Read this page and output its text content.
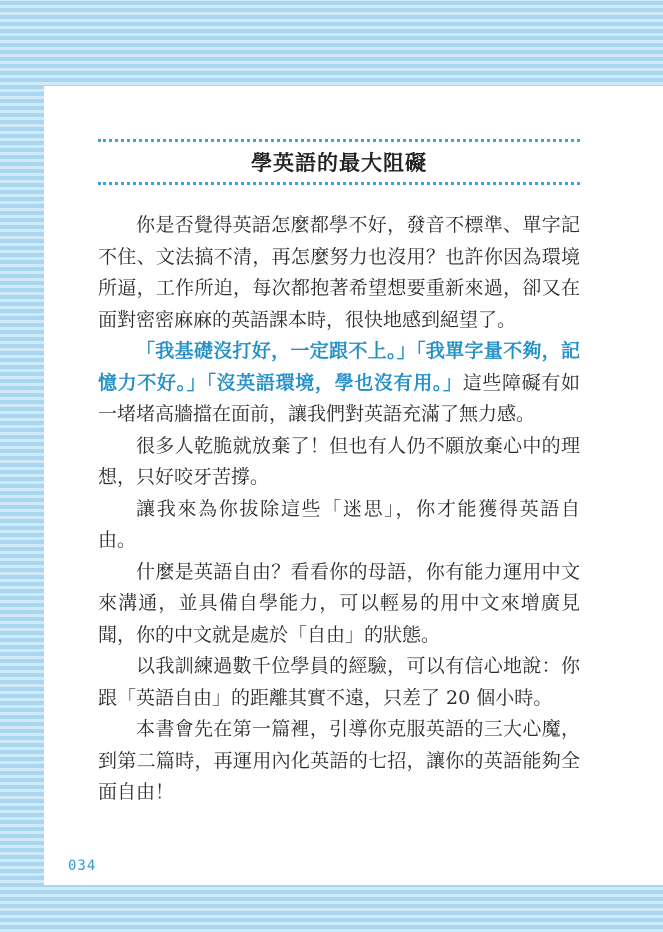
學英語的最大阻礙

你是否覺得英語怎麼都學不好，發音不標準、單字記不住、文法搞不清，再怎麼努力也沒用？也許你因為環境所逼，工作所迫，每次都抱著希望想要重新來過，卻又在面對密密麻麻的英語課本時，很快地感到絕望了。

「我基礎沒打好，一定跟不上。」「我單字量不夠，記憶力不好。」「沒英語環境，學也沒有用。」這些障礙有如一堵堵高牆擋在面前，讓我們對英語充滿了無力感。

很多人乾脆就放棄了！但也有人仍不願放棄心中的理想，只好咬牙苦撐。

讓我來為你拔除這些「迷思」，你才能獲得英語自由。

什麼是英語自由？看看你的母語，你有能力運用中文來溝通，並具備自學能力，可以輕易的用中文來增廣見聞，你的中文就是處於「自由」的狀態。

以我訓練過數千位學員的經驗，可以有信心地說：你跟「英語自由」的距離其實不遠，只差了 20 個小時。

本書會先在第一篇裡，引導你克服英語的三大心魔，到第二篇時，再運用內化英語的七招，讓你的英語能夠全面自由！

034
